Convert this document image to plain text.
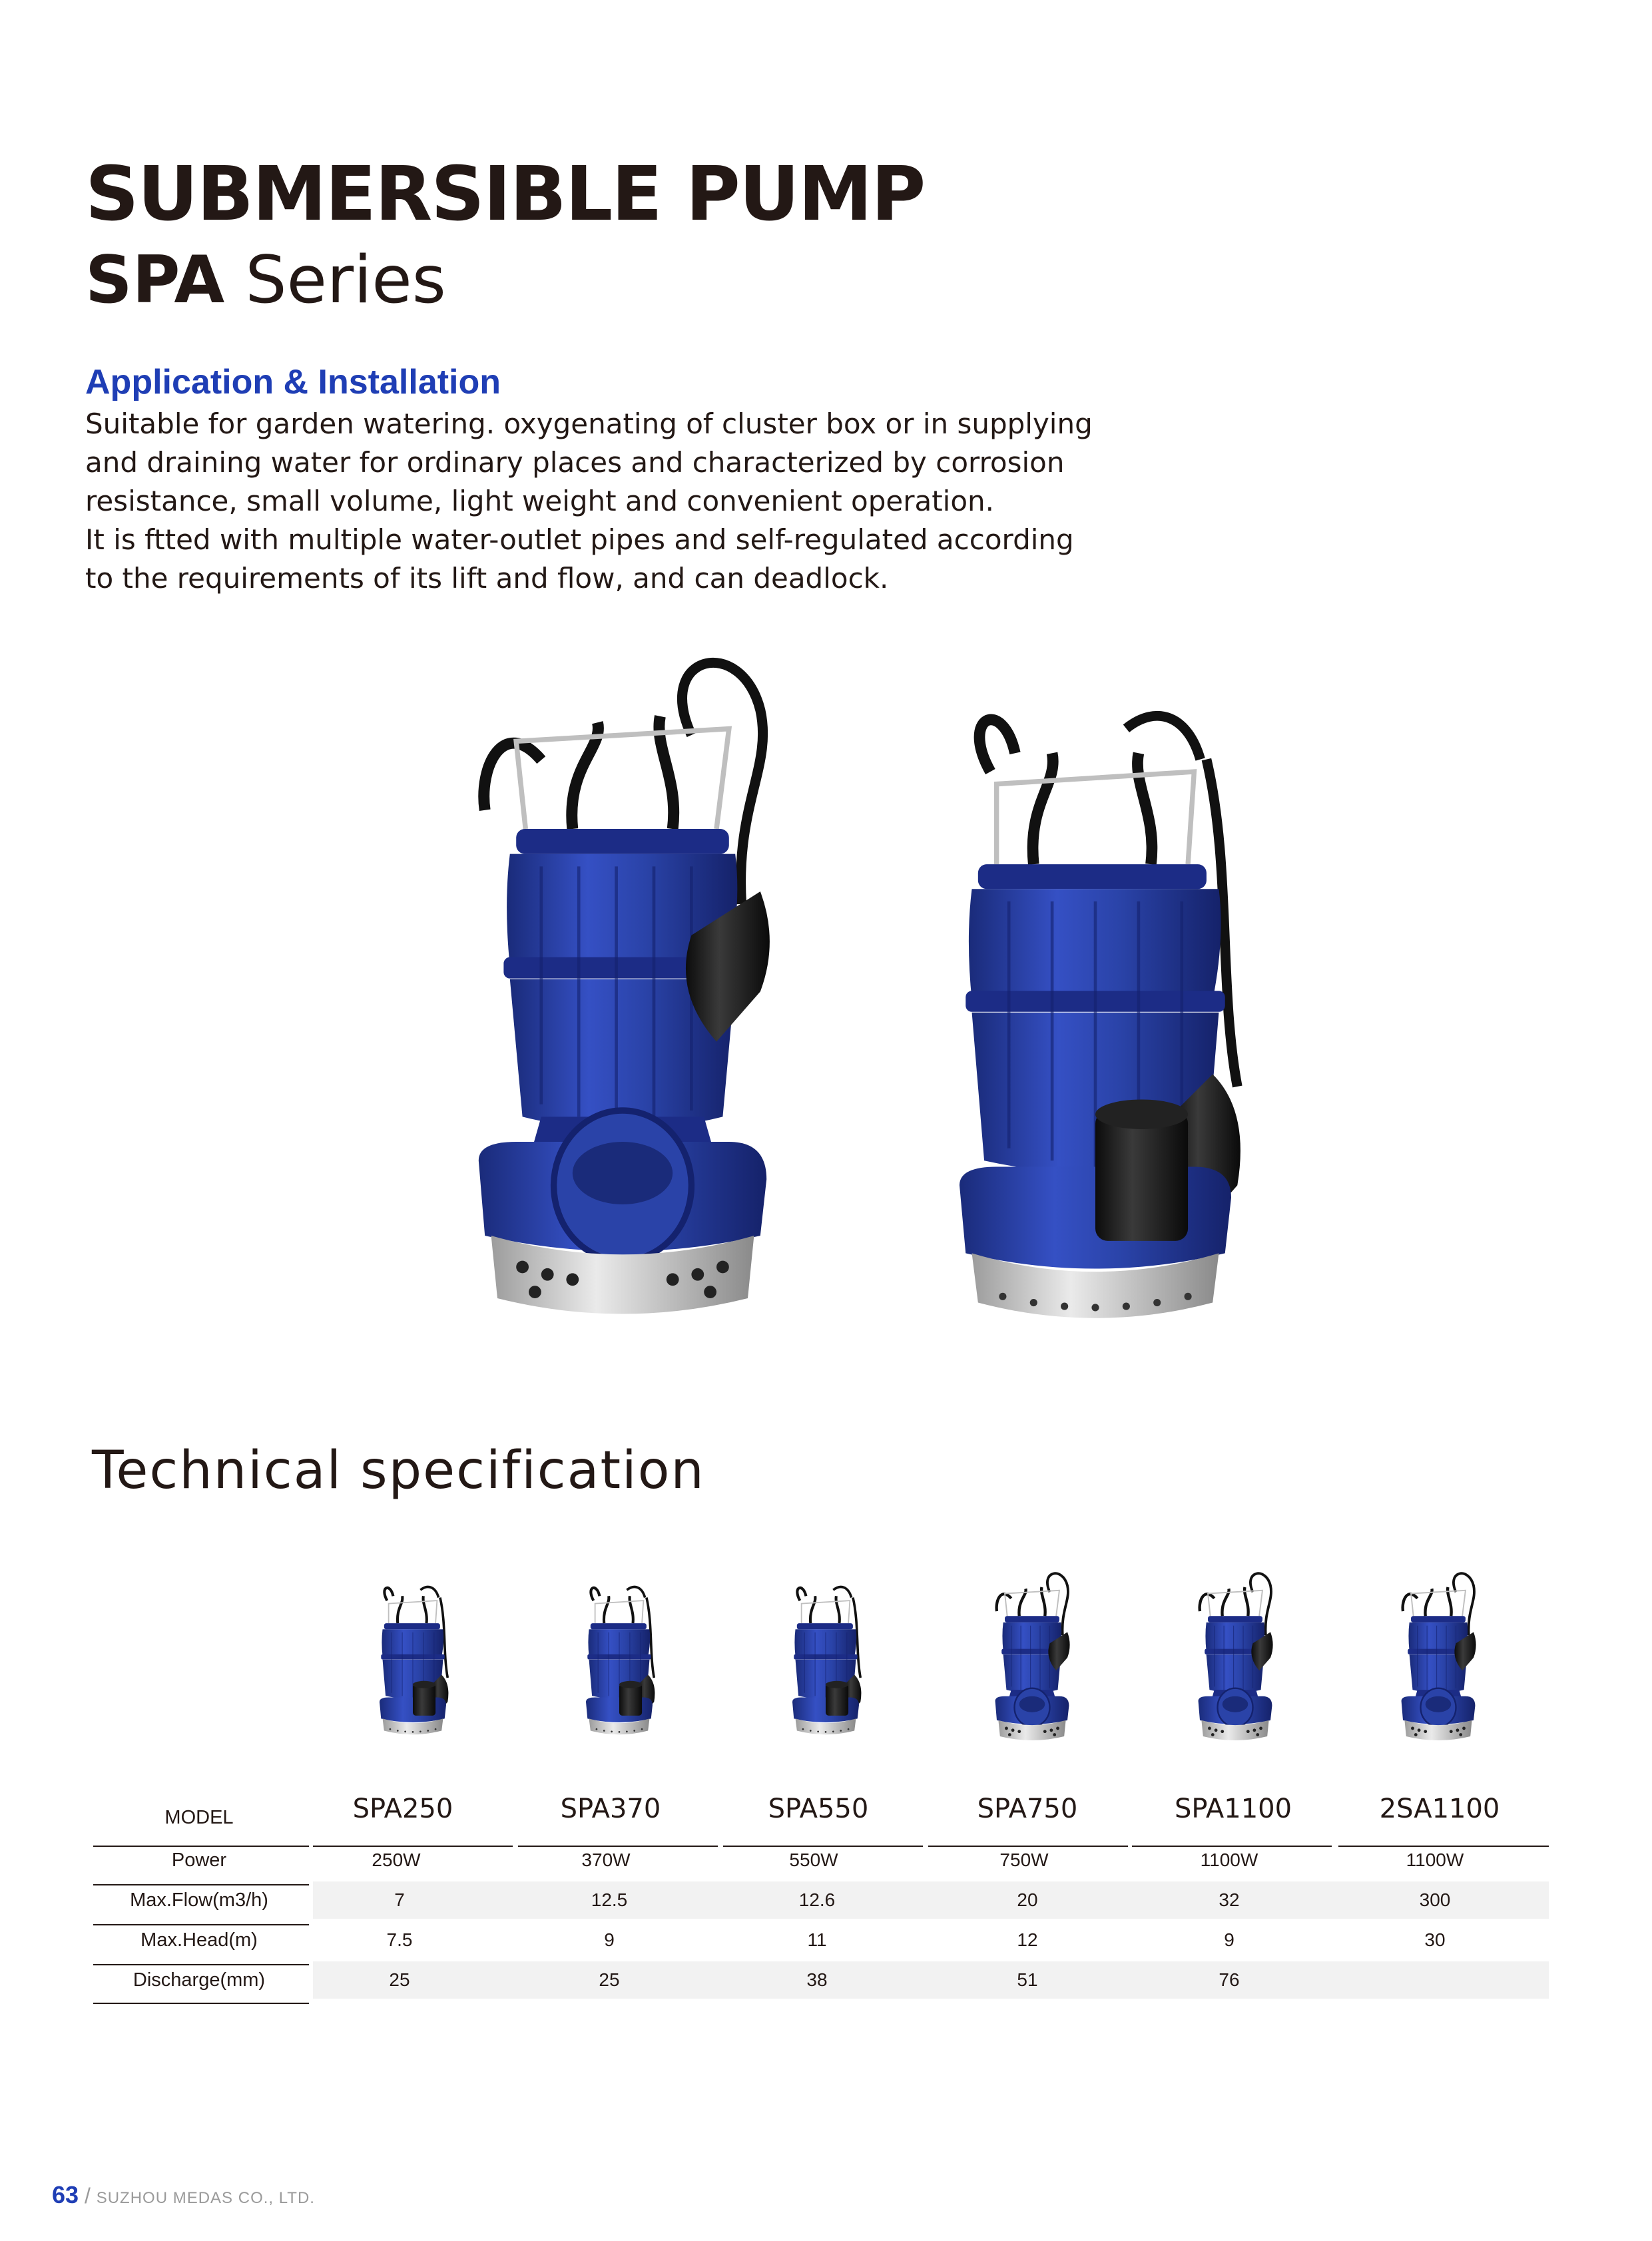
SUBMERSIBLE PUMP
SPA Series
Application & Installation

Suitable for garden watering. oxygenating of cluster box or in supplying

and draining water for ordinary places and characterized by corrosion

resistance, small volume, light weight and convenient operation.

It is ftted with multiple water-outlet pipes and self-regulated according

to the requirements of its lift and flow, and can deadlock.

Technical specification
MODEL
Power
Max.Flow(m3/h)
Max.Head(m)
Discharge(mm)
SPA250
250W
7
7.5
25
SPA370
370W
12.5
9
25
SPA550
550W
12.6
11
38
SPA750
750W
20
12
51
SPA1100
1100W
32
9
76
2SA1100
1100W
300
30
63 / SUZHOU MEDAS CO., LTD.
